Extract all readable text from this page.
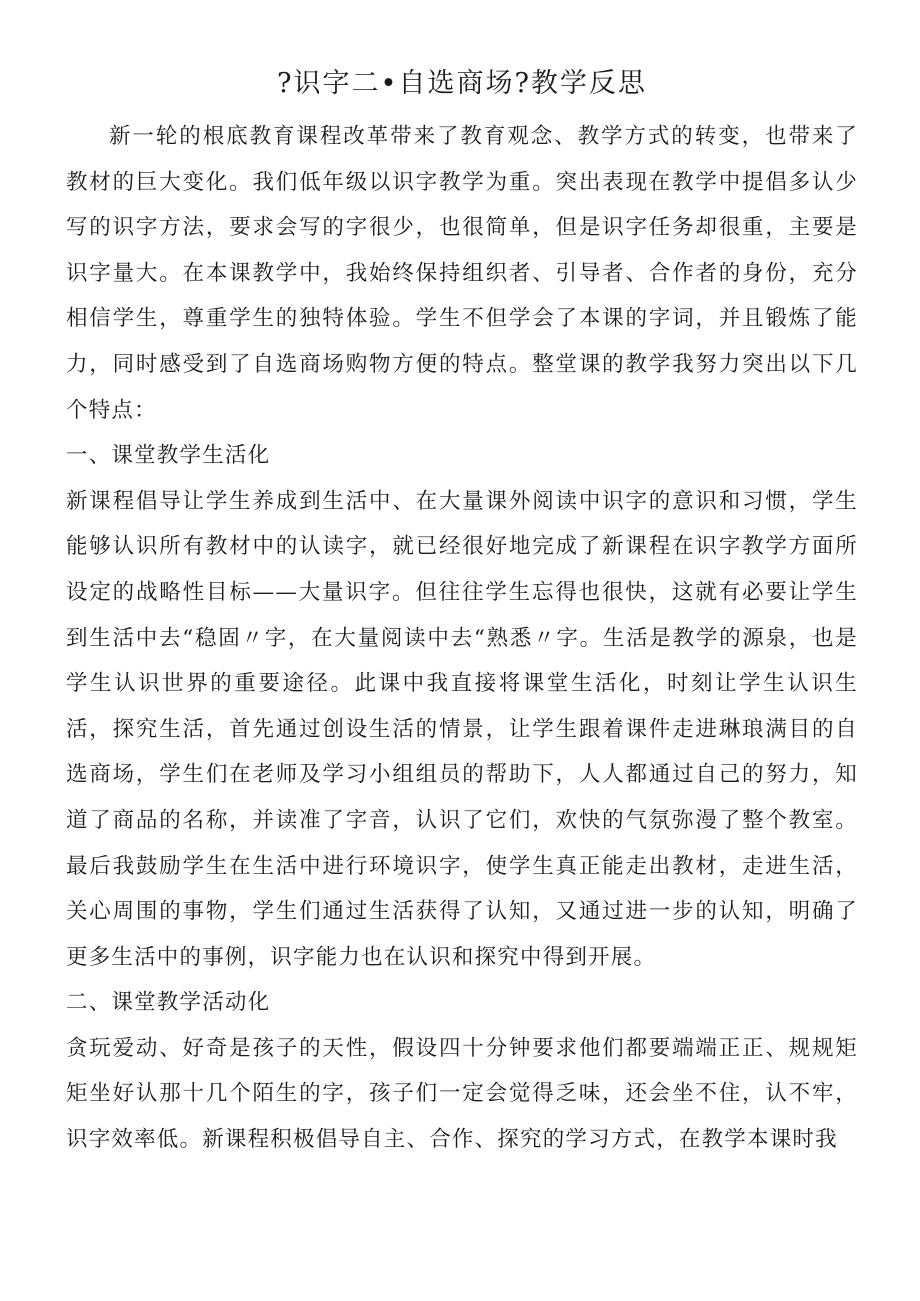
?识字二•自选商场?教学反思

新一轮的根底教育课程改革带来了教育观念、教学方式的转变，也带来了教材的巨大变化。我们低年级以识字教学为重。突出表现在教学中提倡多认少写的识字方法，要求会写的字很少，也很简单，但是识字任务却很重，主要是识字量大。在本课教学中，我始终保持组织者、引导者、合作者的身份，充分相信学生，尊重学生的独特体验。学生不但学会了本课的字词，并且锻炼了能力，同时感受到了自选商场购物方便的特点。整堂课的教学我努力突出以下几个特点：

一、课堂教学生活化

新课程倡导让学生养成到生活中、在大量课外阅读中识字的意识和习惯，学生能够认识所有教材中的认读字，就已经很好地完成了新课程在识字教学方面所设定的战略性目标——大量识字。但往往学生忘得也很快，这就有必要让学生到生活中去“稳固〃字，在大量阅读中去“熟悉〃字。生活是教学的源泉，也是学生认识世界的重要途径。此课中我直接将课堂生活化，时刻让学生认识生活，探究生活，首先通过创设生活的情景，让学生跟着课件走进琳琅满目的自选商场，学生们在老师及学习小组组员的帮助下，人人都通过自己的努力，知道了商品的名称，并读准了字音，认识了它们，欢快的气氛弥漫了整个教室。最后我鼓励学生在生活中进行环境识字，使学生真正能走出教材，走进生活，关心周围的事物，学生们通过生活获得了认知，又通过进一步的认知，明确了更多生活中的事例，识字能力也在认识和探究中得到开展。

二、课堂教学活动化

贪玩爱动、好奇是孩子的天性，假设四十分钟要求他们都要端端正正、规规矩矩坐好认那十几个陌生的字，孩子们一定会觉得乏味，还会坐不住，认不牢，识字效率低。新课程积极倡导自主、合作、探究的学习方式，在教学本课时我
